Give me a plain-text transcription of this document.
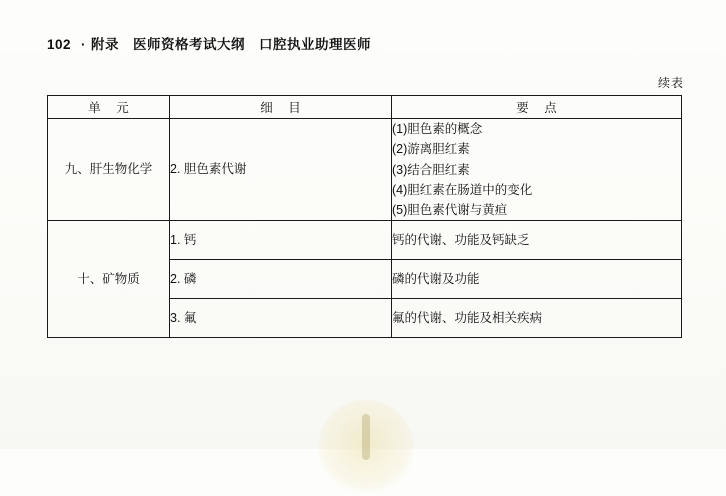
102 · 附录 医师资格考试大纲 口腔执业助理医师
续表
单 元	细 目	要 点
九、肝生物化学	2. 胆色素代谢	(1)胆色素的概念
(2)游离胆红素
(3)结合胆红素
(4)胆红素在肠道中的变化
(5)胆色素代谢与黄疸

十、矿物质	1. 钙	钙的代谢、功能及钙缺乏
	2. 磷	磷的代谢及功能
	3. 氟	氟的代谢、功能及相关疾病
